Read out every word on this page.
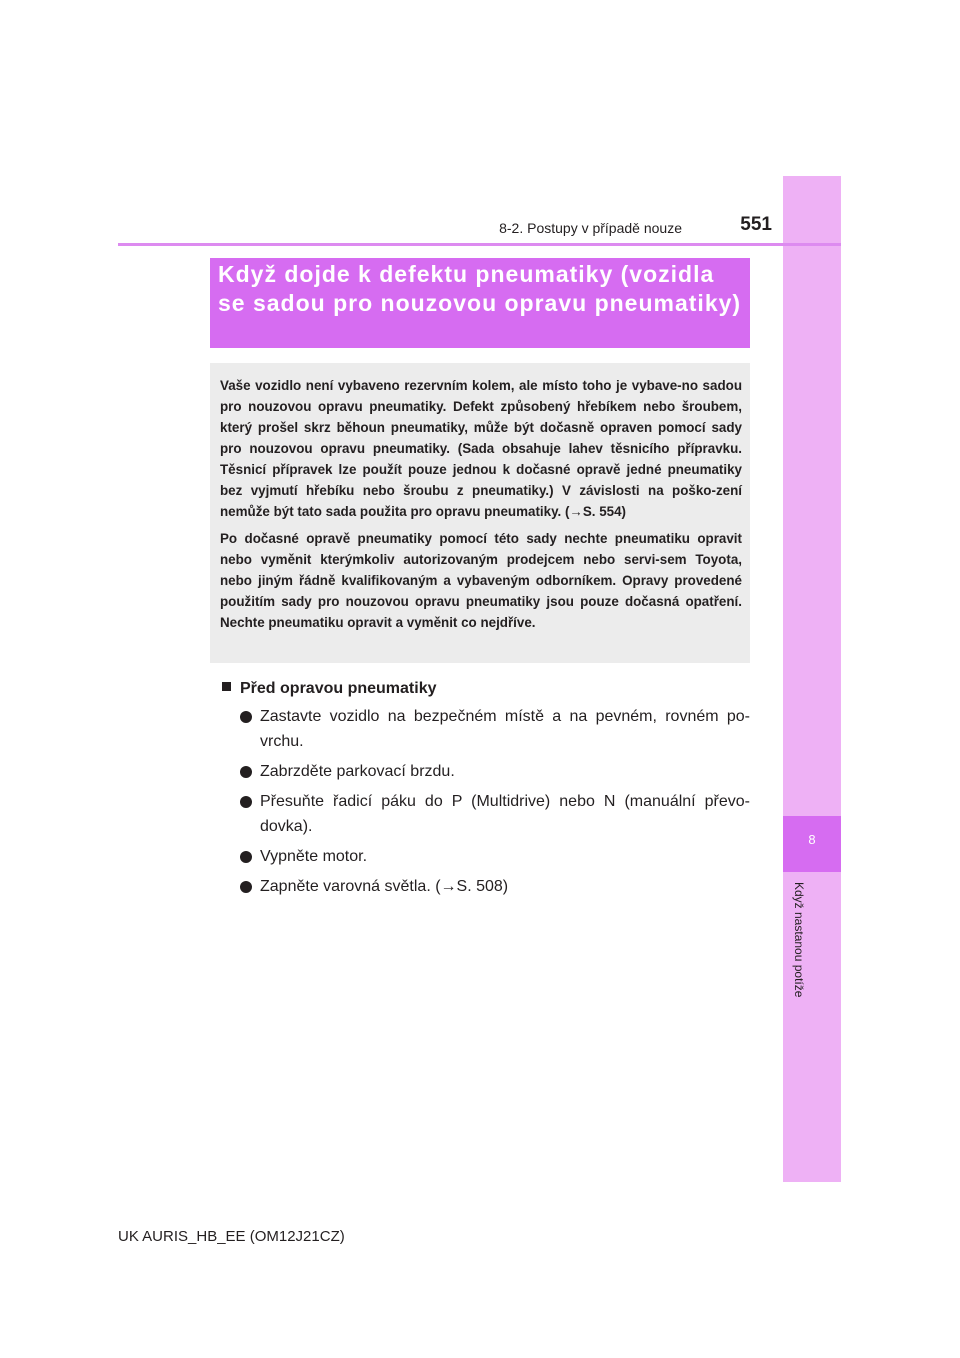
8
Když nastanou potíže
8-2. Postupy v případě nouze	551
Když dojde k defektu pneumatiky (vozidla se sadou pro nouzovou opravu pneumatiky)

Vaše vozidlo není vybaveno rezervním kolem, ale místo toho je vybave-no sadou pro nouzovou opravu pneumatiky. Defekt způsobený hřebíkem nebo šroubem, který prošel skrz běhoun pneumatiky, může být dočasně opraven pomocí sady pro nouzovou opravu pneumatiky. (Sada obsahuje lahev těsnicího přípravku. Těsnicí přípravek lze použít pouze jednou k dočasné opravě jedné pneumatiky bez vyjmutí hřebíku nebo šroubu z pneumatiky.) V závislosti na poško-zení nemůže být tato sada použita pro opravu pneumatiky. (→S. 554)

Po dočasné opravě pneumatiky pomocí této sady nechte pneumatiku opravit nebo vyměnit kterýmkoliv autorizovaným prodejcem nebo servi-sem Toyota, nebo jiným řádně kvalifikovaným a vybaveným odborníkem. Opravy provedené použitím sady pro nouzovou opravu pneumatiky jsou pouze dočasná opatření. Nechte pneumatiku opravit a vyměnit co nejdříve.

Před opravou pneumatiky
Zastavte vozidlo na bezpečném místě a na pevném, rovném po-vrchu.
Zabrzděte parkovací brzdu.
Přesuňte řadicí páku do P (Multidrive) nebo N (manuální převo-dovka).
Vypněte motor.
Zapněte varovná světla. (→S. 508)
UK AURIS_HB_EE (OM12J21CZ)
